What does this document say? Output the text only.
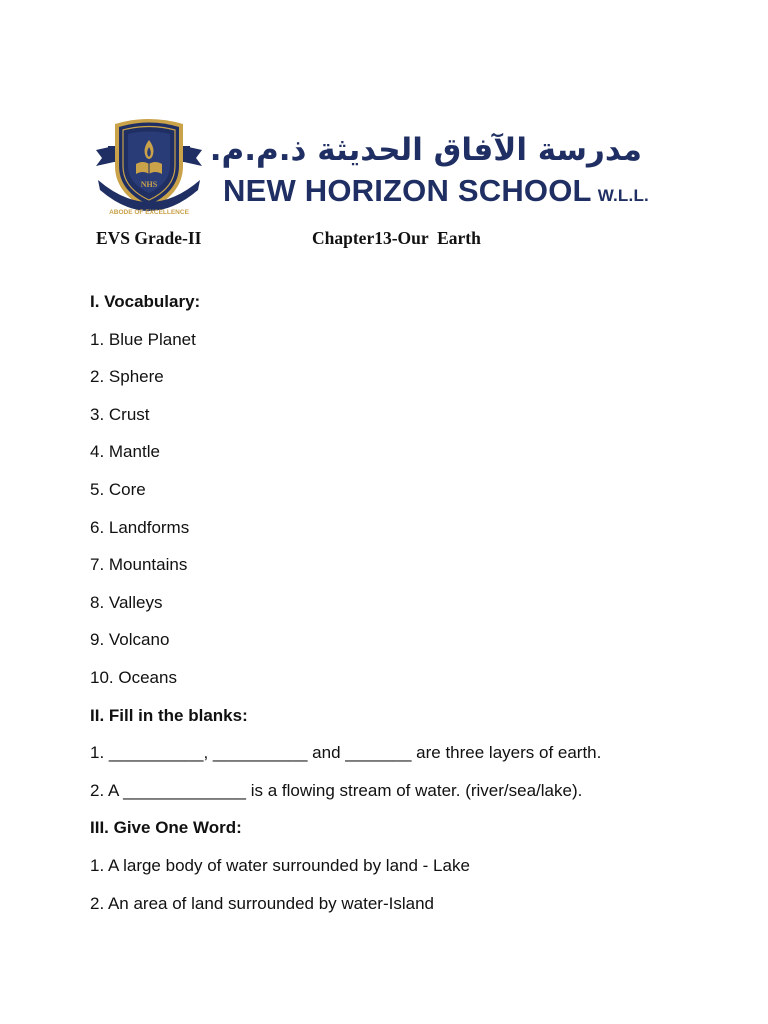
NHS
ABODE OF EXCELLENCE
مدرسة الآفاق الحديثة ذ.م.م.
NEW HORIZON SCHOOL W.L.L.
EVS Grade-II	Chapter13-Our  Earth
I. Vocabulary:
1. Blue Planet
2. Sphere
3. Crust
4. Mantle
5. Core
6. Landforms
7. Mountains
8. Valleys
9. Volcano
10. Oceans
II. Fill in the blanks:
1. __________, __________ and _______ are three layers of earth.
2. A _____________ is a flowing stream of water. (river/sea/lake).
III. Give One Word:
1. A large body of water surrounded by land - Lake
2. An area of land surrounded by water-Island
